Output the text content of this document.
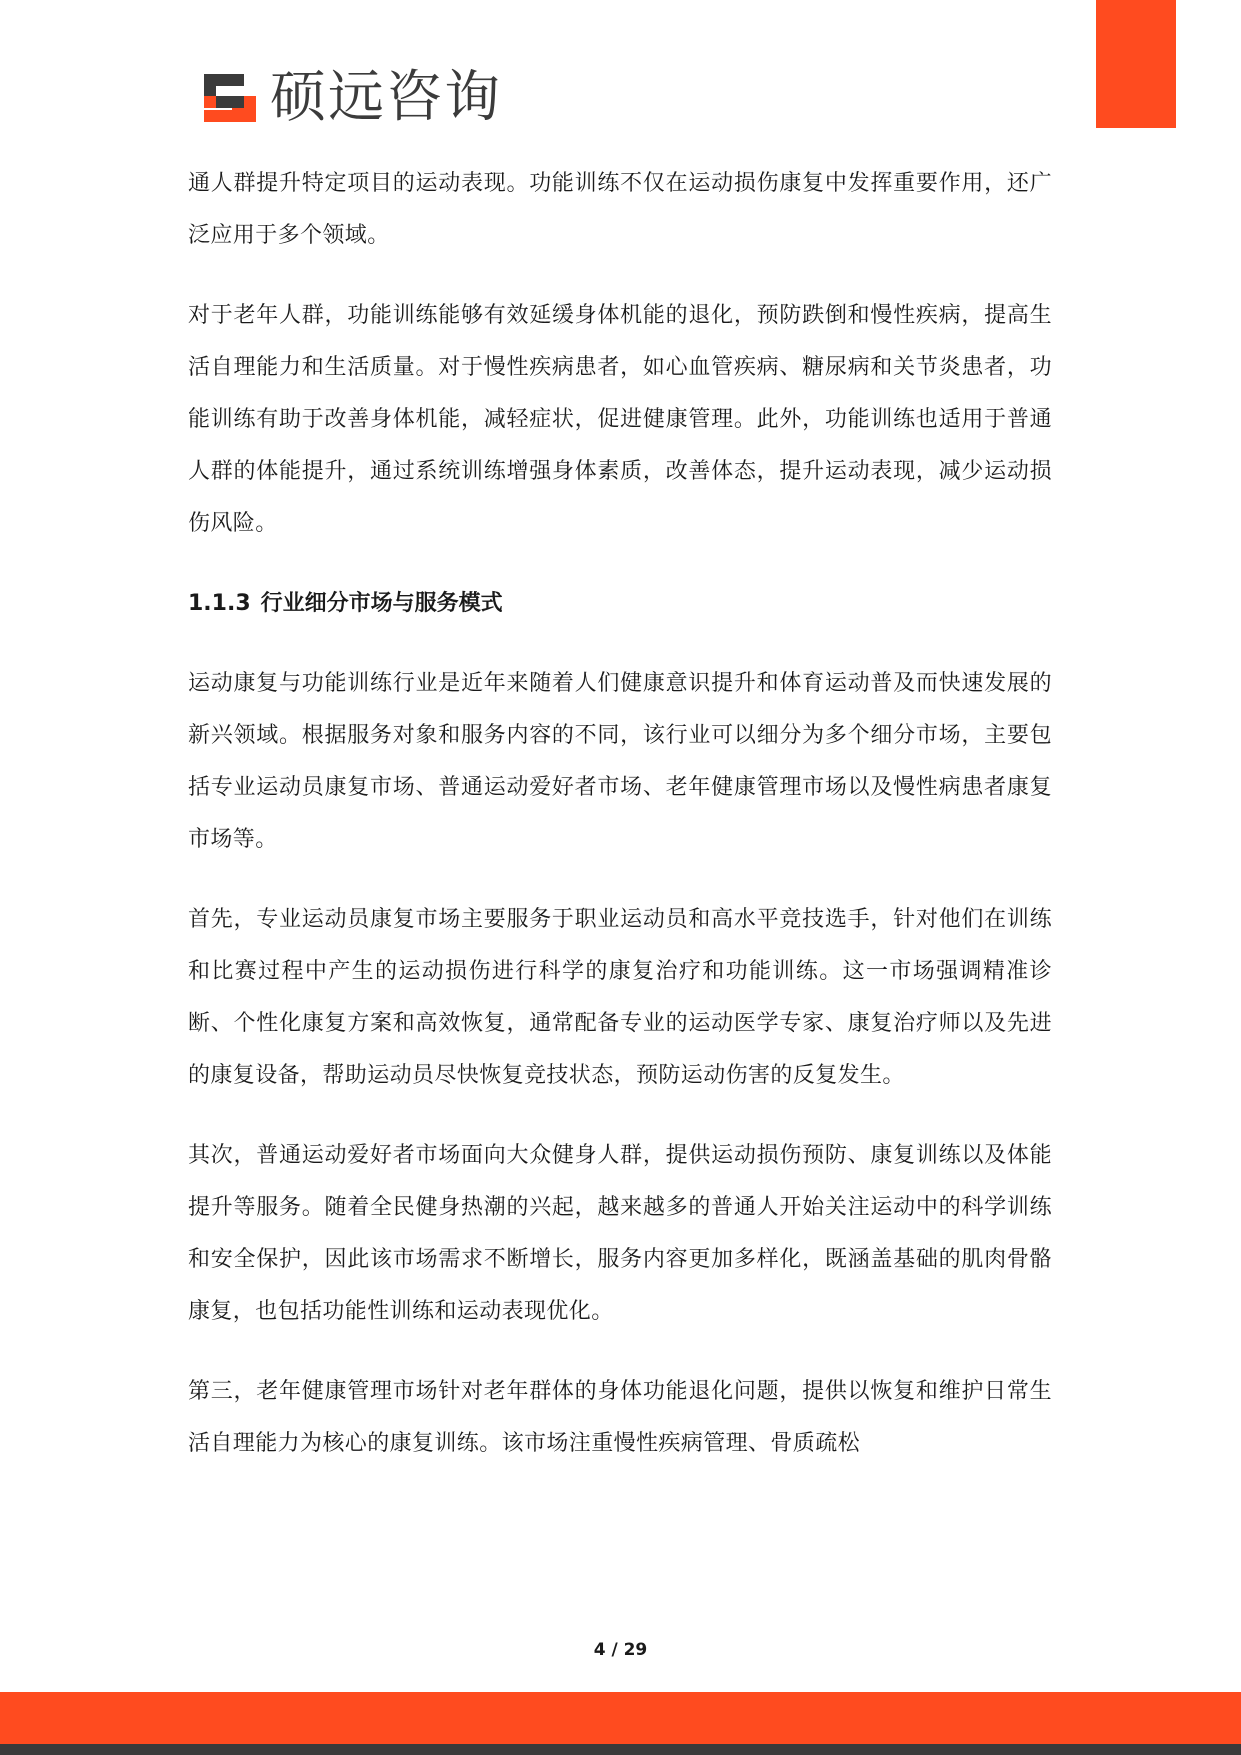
硕远咨询

通人群提升特定项目的运动表现。功能训练不仅在运动损伤康复中发挥重要作用，还广泛应用于多个领域。

对于老年人群，功能训练能够有效延缓身体机能的退化，预防跌倒和慢性疾病，提高生活自理能力和生活质量。对于慢性疾病患者，如心血管疾病、糖尿病和关节炎患者，功能训练有助于改善身体机能，减轻症状，促进健康管理。此外，功能训练也适用于普通人群的体能提升，通过系统训练增强身体素质，改善体态，提升运动表现，减少运动损伤风险。

1.1.3 行业细分市场与服务模式

运动康复与功能训练行业是近年来随着人们健康意识提升和体育运动普及而快速发展的新兴领域。根据服务对象和服务内容的不同，该行业可以细分为多个细分市场，主要包括专业运动员康复市场、普通运动爱好者市场、老年健康管理市场以及慢性病患者康复市场等。

首先，专业运动员康复市场主要服务于职业运动员和高水平竞技选手，针对他们在训练和比赛过程中产生的运动损伤进行科学的康复治疗和功能训练。这一市场强调精准诊断、个性化康复方案和高效恢复，通常配备专业的运动医学专家、康复治疗师以及先进的康复设备，帮助运动员尽快恢复竞技状态，预防运动伤害的反复发生。

其次，普通运动爱好者市场面向大众健身人群，提供运动损伤预防、康复训练以及体能提升等服务。随着全民健身热潮的兴起，越来越多的普通人开始关注运动中的科学训练和安全保护，因此该市场需求不断增长，服务内容更加多样化，既涵盖基础的肌肉骨骼康复，也包括功能性训练和运动表现优化。

第三，老年健康管理市场针对老年群体的身体功能退化问题，提供以恢复和维护日常生活自理能力为核心的康复训练。该市场注重慢性疾病管理、骨质疏松

4 / 29
